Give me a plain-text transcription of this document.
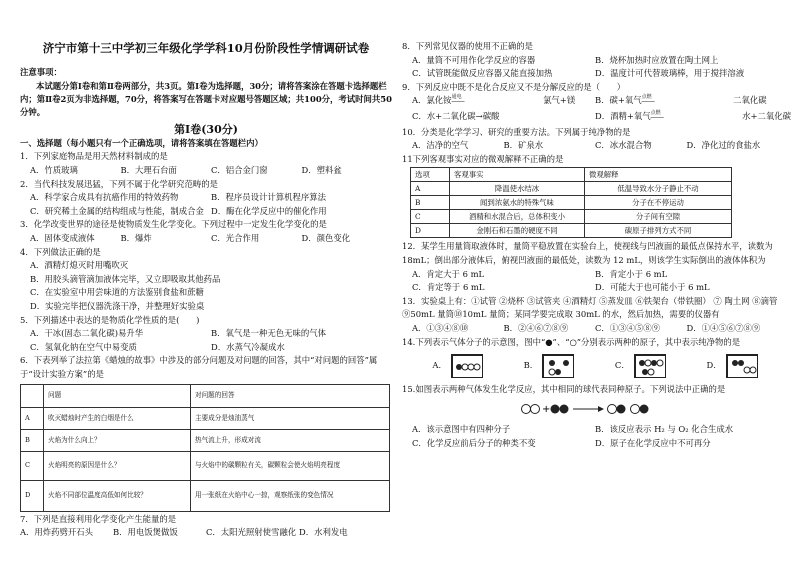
济宁市第十三中学初三年级化学学科10月份阶段性学情调研试卷
注意事项：
本试题分第Ⅰ卷和第Ⅱ卷两部分，共3页。第Ⅰ卷为选择题，30分；请将答案涂在答题卡选择题栏内；第Ⅱ卷2页为非选择题，70分，将答案写在答题卡对应题号答题区域；共100分，考试时间共50分钟。
第Ⅰ卷(30分)
一、选择题（每小题只有一个正确选项，请将答案填在答题栏内）
1．下列家庭物品是用天然材料制成的是
A．竹质玻璃	B．大理石台面	C．铝合金门窗	D．塑料盆
2．当代科技发展迅猛，下列不属于化学研究范畴的是
A．科学家合成具有抗癌作用的特效药物	B．程序员设计计算机程序算法
C．研究稀土金属的结构组成与性能，制成合金 D．酶在化学反应中的催化作用
3．化学改变世界的途径是使物质发生化学变化。下列过程中一定发生化学变化的是
A．固体变成液体	B．爆炸	C．光合作用	D．颜色变化
4．下列做法正确的是
A．酒精灯熄灭时用嘴吹灭
B．用胶头滴管滴加液体完毕，又立即吸取其他药品
C．在实验室中用尝味道的方法鉴别食盐和蔗糖
D．实验完毕把仪器洗涤干净，并整理好实验桌
5．下列描述中表达的是物质化学性质的是(　　)
A．干冰(固态二氧化碳)易升华	B．氧气是一种无色无味的气体
C．氢氧化钠在空气中易变质	D．水蒸气冷凝成水
6．下表列举了法拉第《蜡烛的故事》中涉及的部分问题及对问题的回答，其中“对问题的回答”属于“设计实验方案”的是
	问题	对问题的回答
A	吹灭蜡烛时产生的白烟是什么	主要成分是烛油蒸气
B	火焰为什么向上？	热气流上升，形成对流
C	火焰明亮的原因是什么？	与火焰中的碳颗粒有关，碳颗粒会使火焰明亮程度
D	火焰不同部位温度高低如何比较？	用一张纸在火焰中心一掠，观察纸张的变色情况
7．下列是直接利用化学变化产生能量的是
A．用炸药劈开石头	B．用电饭煲做饭	C．太阳光照射使雪融化 D．水利发电
8．下列常见仪器的使用不正确的是
A．量筒不可用作化学反应的容器	B．烧杯加热时应放置在陶土网上
C．试管既能做反应容器又能直接加热	D．温度计可代替玻璃棒，用于搅拌溶液
9．下列反应中既不是化合反应又不是分解反应的是（　　）
A．氯化铵 通电
────	氯气+镁	B．碳+氧气 点燃
────	二氧化碳
C．水+二氧化碳→碳酸	D．酒精+氧气 点燃
────	水+二氧化碳
10．分类是化学学习、研究的重要方法。下列属于纯净物的是
A．洁净的空气	B．矿泉水	C．冰水混合物	D．净化过的食盐水
11下列客观事实对应的微观解释不正确的是
选项	客观事实	微观解释
A	降温使水结冰	低温导致水分子静止不动
B	闻到浓氨水的特殊气味	分子在不停运动
C	酒精和水混合后，总体积变小	分子间有空隙
D	金刚石和石墨的硬度不同	碳原子排列方式不同
12．某学生用量筒取液体时，量筒平稳放置在实验台上，使视线与凹液面的最低点保持水平，读数为18mL；倒出部分液体后，俯视凹液面的最低处，读数为 12 mL，则该学生实际倒出的液体体积为
A．肯定大于 6 mL	B．肯定小于 6 mL
C．肯定等于 6 mL	D．可能大于也可能小于 6 mL
13．实验桌上有：①试管 ②烧杯 ③试管夹 ④酒精灯 ⑤蒸发皿 ⑥铁架台（带铁圈） ⑦ 陶土网 ⑧滴管 ⑨50mL 量筒⑩10mL 量筒；某同学要完成取 30mL 的水，然后加热，需要的仪器有
A．①③④⑧⑩	B．②④⑥⑦⑧⑨	C．①③④⑤⑧⑨	D．①④⑤⑥⑦⑧⑨
14.下列表示气体分子的示意图，图中“●”、“○”分别表示两种的原子，其中表示纯净物的是
A．	B．	C．	D．
15.如图表示两种气体发生化学反应，其中相同的球代表同种原子。下列说法中正确的是
+
A．该示意图中有四种分子	B．该反应表示 H₂ 与 O₂ 化合生成水
C．化学反应前后分子的种类不变	D．原子在化学反应中不可再分
